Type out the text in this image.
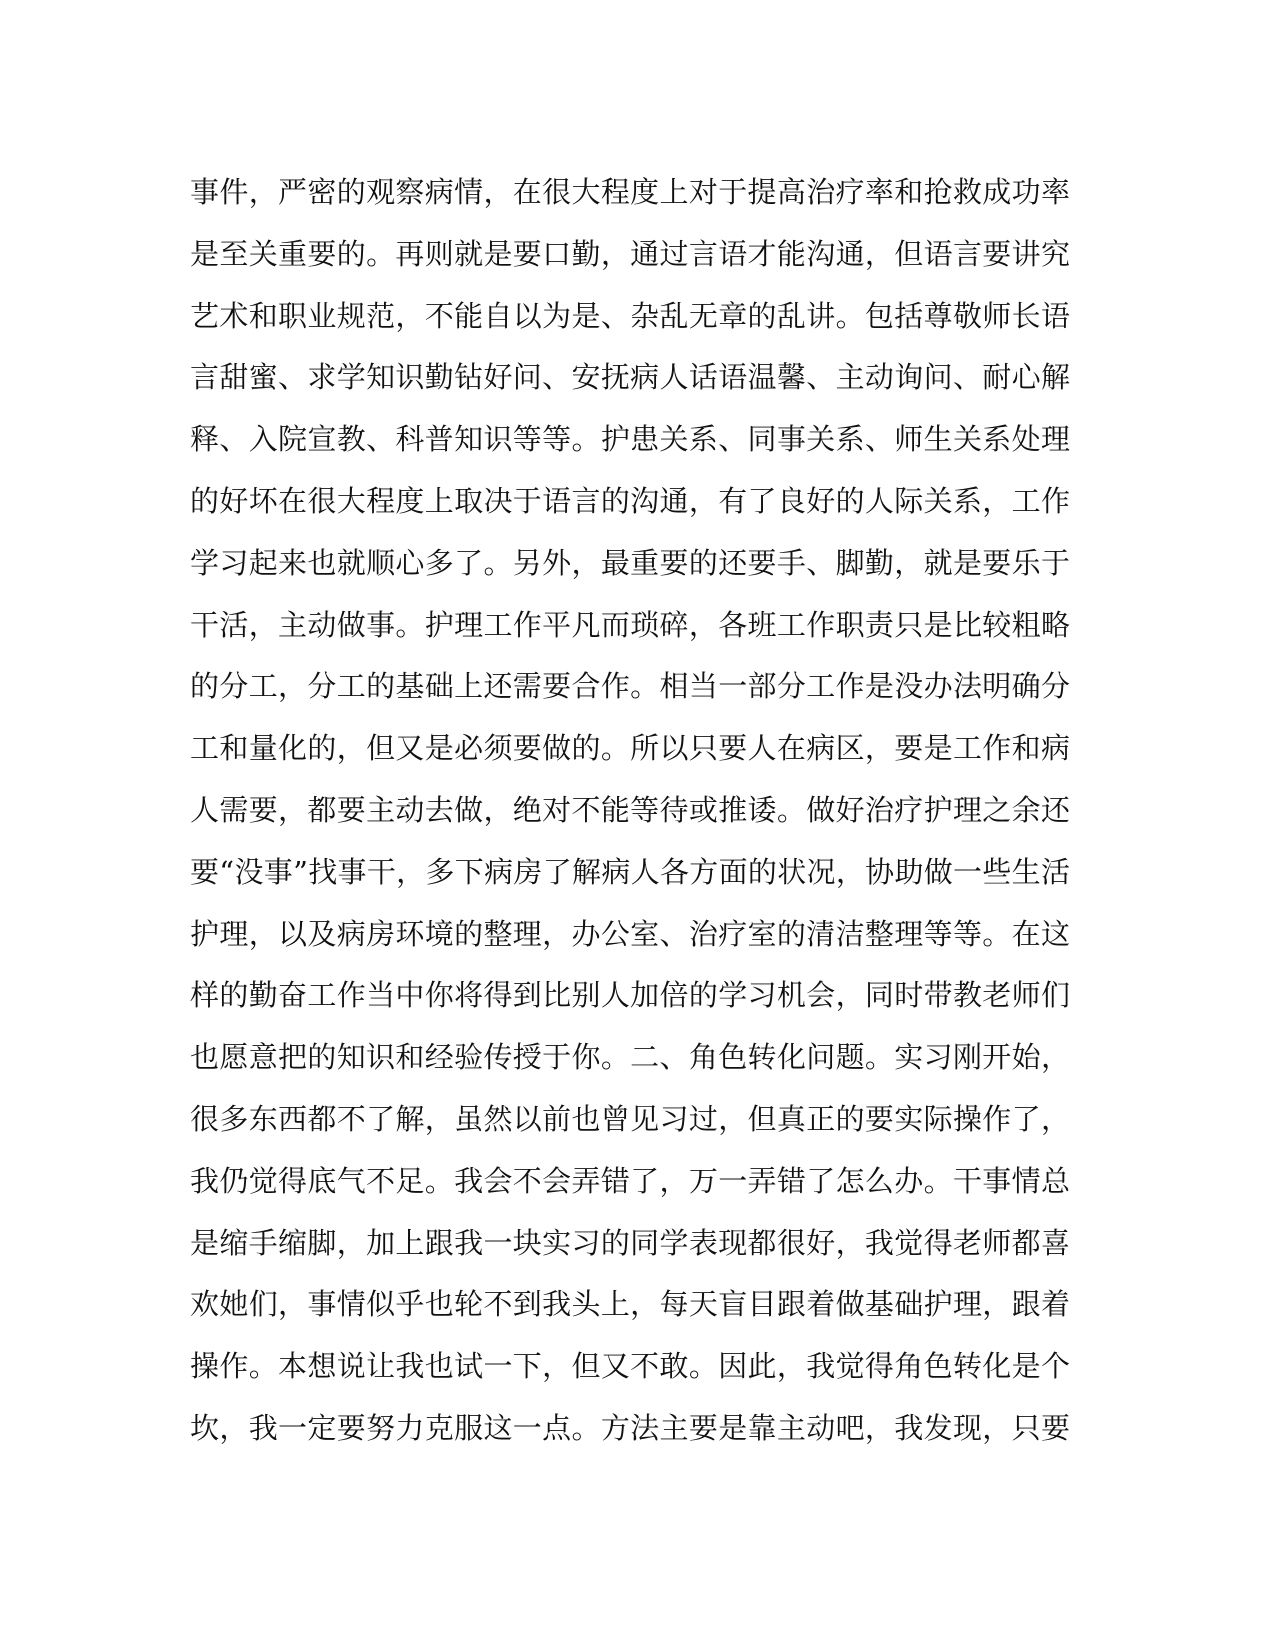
事件，严密的观察病情，在很大程度上对于提高治疗率和抢救成功率
是至关重要的。再则就是要口勤，通过言语才能沟通，但语言要讲究
艺术和职业规范，不能自以为是、杂乱无章的乱讲。包括尊敬师长语
言甜蜜、求学知识勤钻好问、安抚病人话语温馨、主动询问、耐心解
释、入院宣教、科普知识等等。护患关系、同事关系、师生关系处理
的好坏在很大程度上取决于语言的沟通，有了良好的人际关系，工作
学习起来也就顺心多了。另外，最重要的还要手、脚勤，就是要乐于
干活，主动做事。护理工作平凡而琐碎，各班工作职责只是比较粗略
的分工，分工的基础上还需要合作。相当一部分工作是没办法明确分
工和量化的，但又是必须要做的。所以只要人在病区，要是工作和病
人需要，都要主动去做，绝对不能等待或推诿。做好治疗护理之余还
要“没事”找事干，多下病房了解病人各方面的状况，协助做一些生活
护理，以及病房环境的整理，办公室、治疗室的清洁整理等等。在这
样的勤奋工作当中你将得到比别人加倍的学习机会，同时带教老师们
也愿意把的知识和经验传授于你。二、角色转化问题。实习刚开始，
很多东西都不了解，虽然以前也曾见习过，但真正的要实际操作了，
我仍觉得底气不足。我会不会弄错了，万一弄错了怎么办。干事情总
是缩手缩脚，加上跟我一块实习的同学表现都很好，我觉得老师都喜
欢她们，事情似乎也轮不到我头上，每天盲目跟着做基础护理，跟着
操作。本想说让我也试一下，但又不敢。因此，我觉得角色转化是个
坎，我一定要努力克服这一点。方法主要是靠主动吧，我发现，只要
